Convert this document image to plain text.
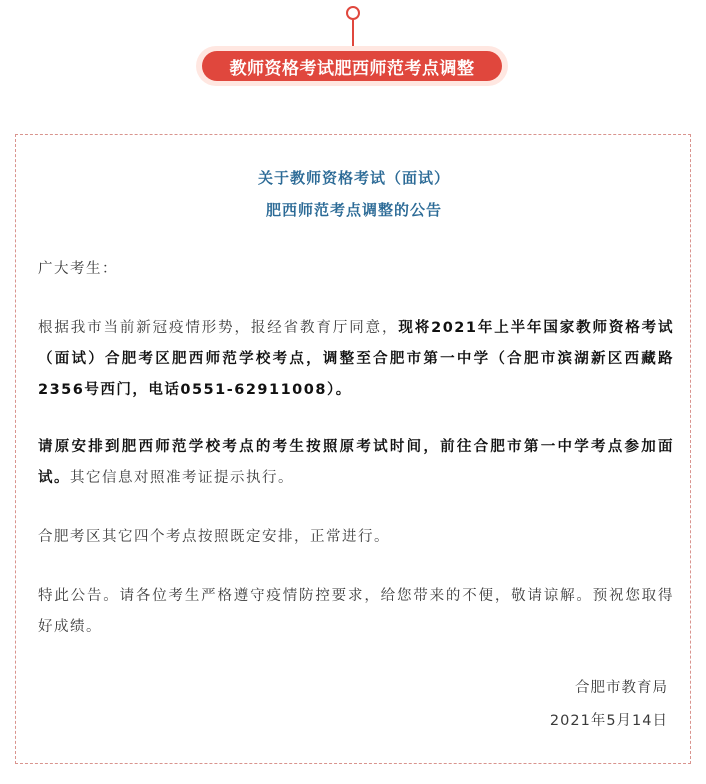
教师资格考试肥西师范考点调整
关于教师资格考试（面试）
肥西师范考点调整的公告
广大考生：
根据我市当前新冠疫情形势，报经省教育厅同意，现将2021年上半年国家教师资格考试（面试）合肥考区肥西师范学校考点，调整至合肥市第一中学（合肥市滨湖新区西藏路2356号西门，电话0551-62911008）。
请原安排到肥西师范学校考点的考生按照原考试时间，前往合肥市第一中学考点参加面试。其它信息对照准考证提示执行。
合肥考区其它四个考点按照既定安排，正常进行。
特此公告。请各位考生严格遵守疫情防控要求，给您带来的不便，敬请谅解。预祝您取得好成绩。
合肥市教育局
2021年5月14日
